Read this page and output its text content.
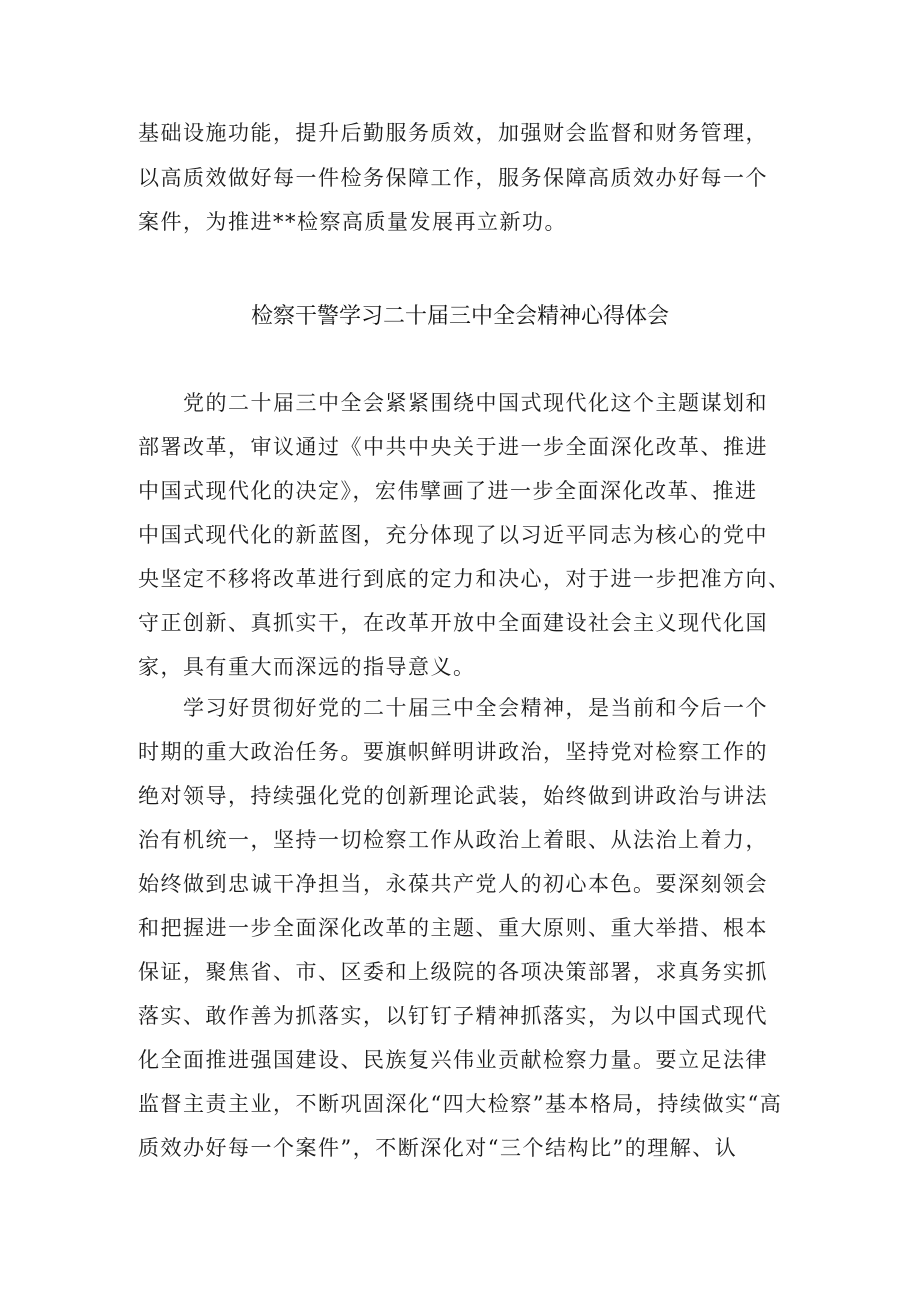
基础设施功能，提升后勤服务质效，加强财会监督和财务管理，
以高质效做好每一件检务保障工作，服务保障高质效办好每一个
案件，为推进**检察高质量发展再立新功。
检察干警学习二十届三中全会精神心得体会
党的二十届三中全会紧紧围绕中国式现代化这个主题谋划和
部署改革，审议通过《中共中央关于进一步全面深化改革、推进
中国式现代化的决定》，宏伟擘画了进一步全面深化改革、推进
中国式现代化的新蓝图，充分体现了以习近平同志为核心的党中
央坚定不移将改革进行到底的定力和决心，对于进一步把准方向、
守正创新、真抓实干，在改革开放中全面建设社会主义现代化国
家，具有重大而深远的指导意义。
学习好贯彻好党的二十届三中全会精神，是当前和今后一个
时期的重大政治任务。要旗帜鲜明讲政治，坚持党对检察工作的
绝对领导，持续强化党的创新理论武装，始终做到讲政治与讲法
治有机统一，坚持一切检察工作从政治上着眼、从法治上着力，
始终做到忠诚干净担当，永葆共产党人的初心本色。要深刻领会
和把握进一步全面深化改革的主题、重大原则、重大举措、根本
保证，聚焦省、市、区委和上级院的各项决策部署，求真务实抓
落实、敢作善为抓落实，以钉钉子精神抓落实，为以中国式现代
化全面推进强国建设、民族复兴伟业贡献检察力量。要立足法律
监督主责主业，不断巩固深化“四大检察”基本格局，持续做实“高
质效办好每一个案件”，不断深化对“三个结构比”的理解、认
